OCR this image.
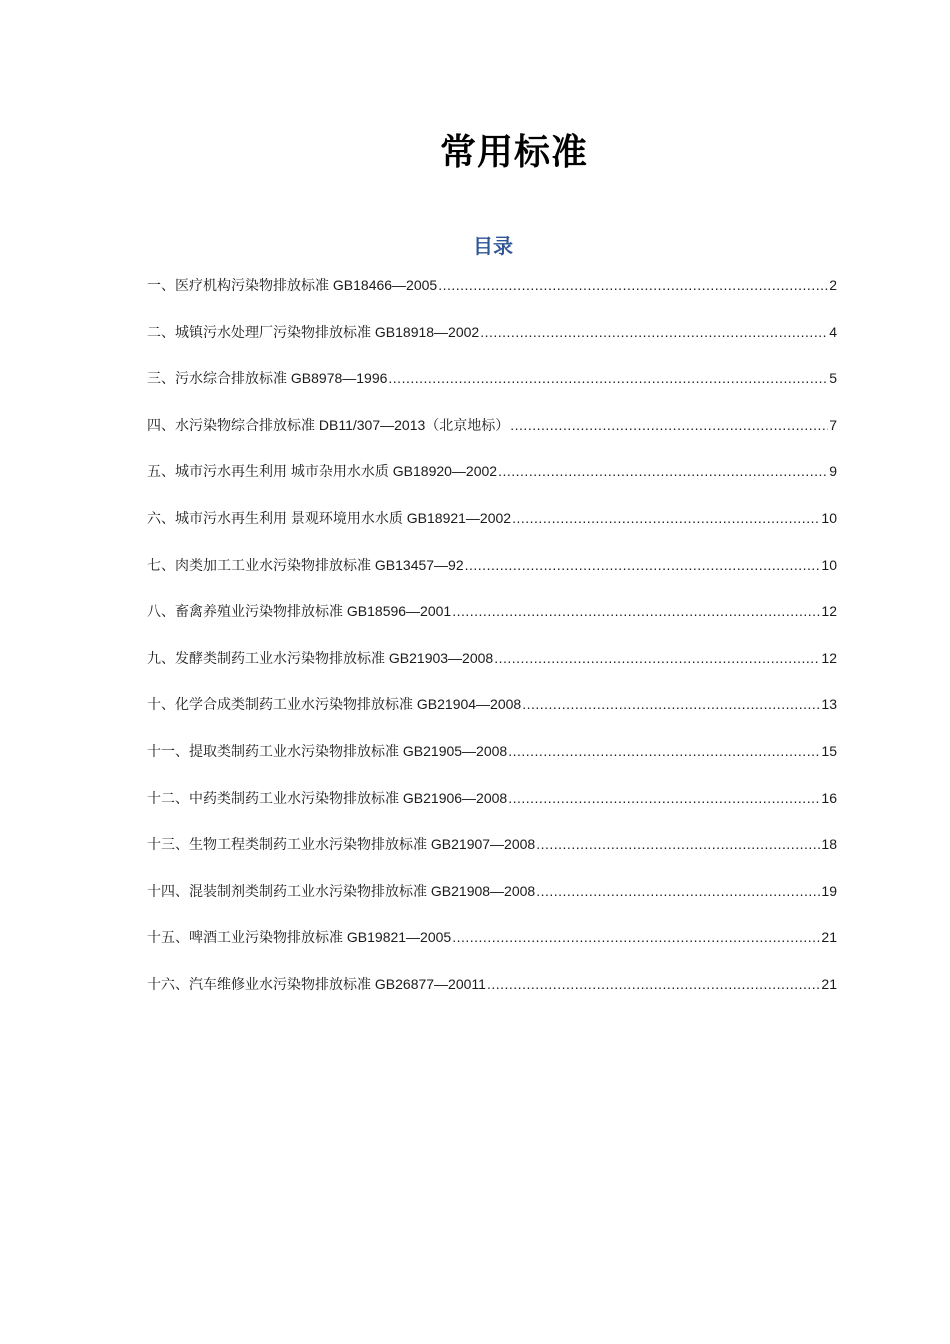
常用标准
目录
一、医疗机构污染物排放标准 GB18466—2005 .....	2
二、城镇污水处理厂污染物排放标准 GB18918—2002 .....	4
三、污水综合排放标准 GB8978—1996 .....	5
四、水污染物综合排放标准 DB11/307—2013（北京地标） .....	7
五、城市污水再生利用 城市杂用水水质 GB18920—2002 .....	9
六、城市污水再生利用 景观环境用水水质 GB18921—2002 .....	10
七、肉类加工工业水污染物排放标准 GB13457—92 .....	10
八、畜禽养殖业污染物排放标准 GB18596—2001 .....	12
九、发酵类制药工业水污染物排放标准 GB21903—2008 .....	12
十、化学合成类制药工业水污染物排放标准 GB21904—2008 .....	13
十一、提取类制药工业水污染物排放标准 GB21905—2008 .....	15
十二、中药类制药工业水污染物排放标准 GB21906—2008 .....	16
十三、生物工程类制药工业水污染物排放标准 GB21907—2008 .....	18
十四、混装制剂类制药工业水污染物排放标准 GB21908—2008 .....	19
十五、啤酒工业污染物排放标准 GB19821—2005 .....	21
十六、汽车维修业水污染物排放标准 GB26877—20011 .....	21
